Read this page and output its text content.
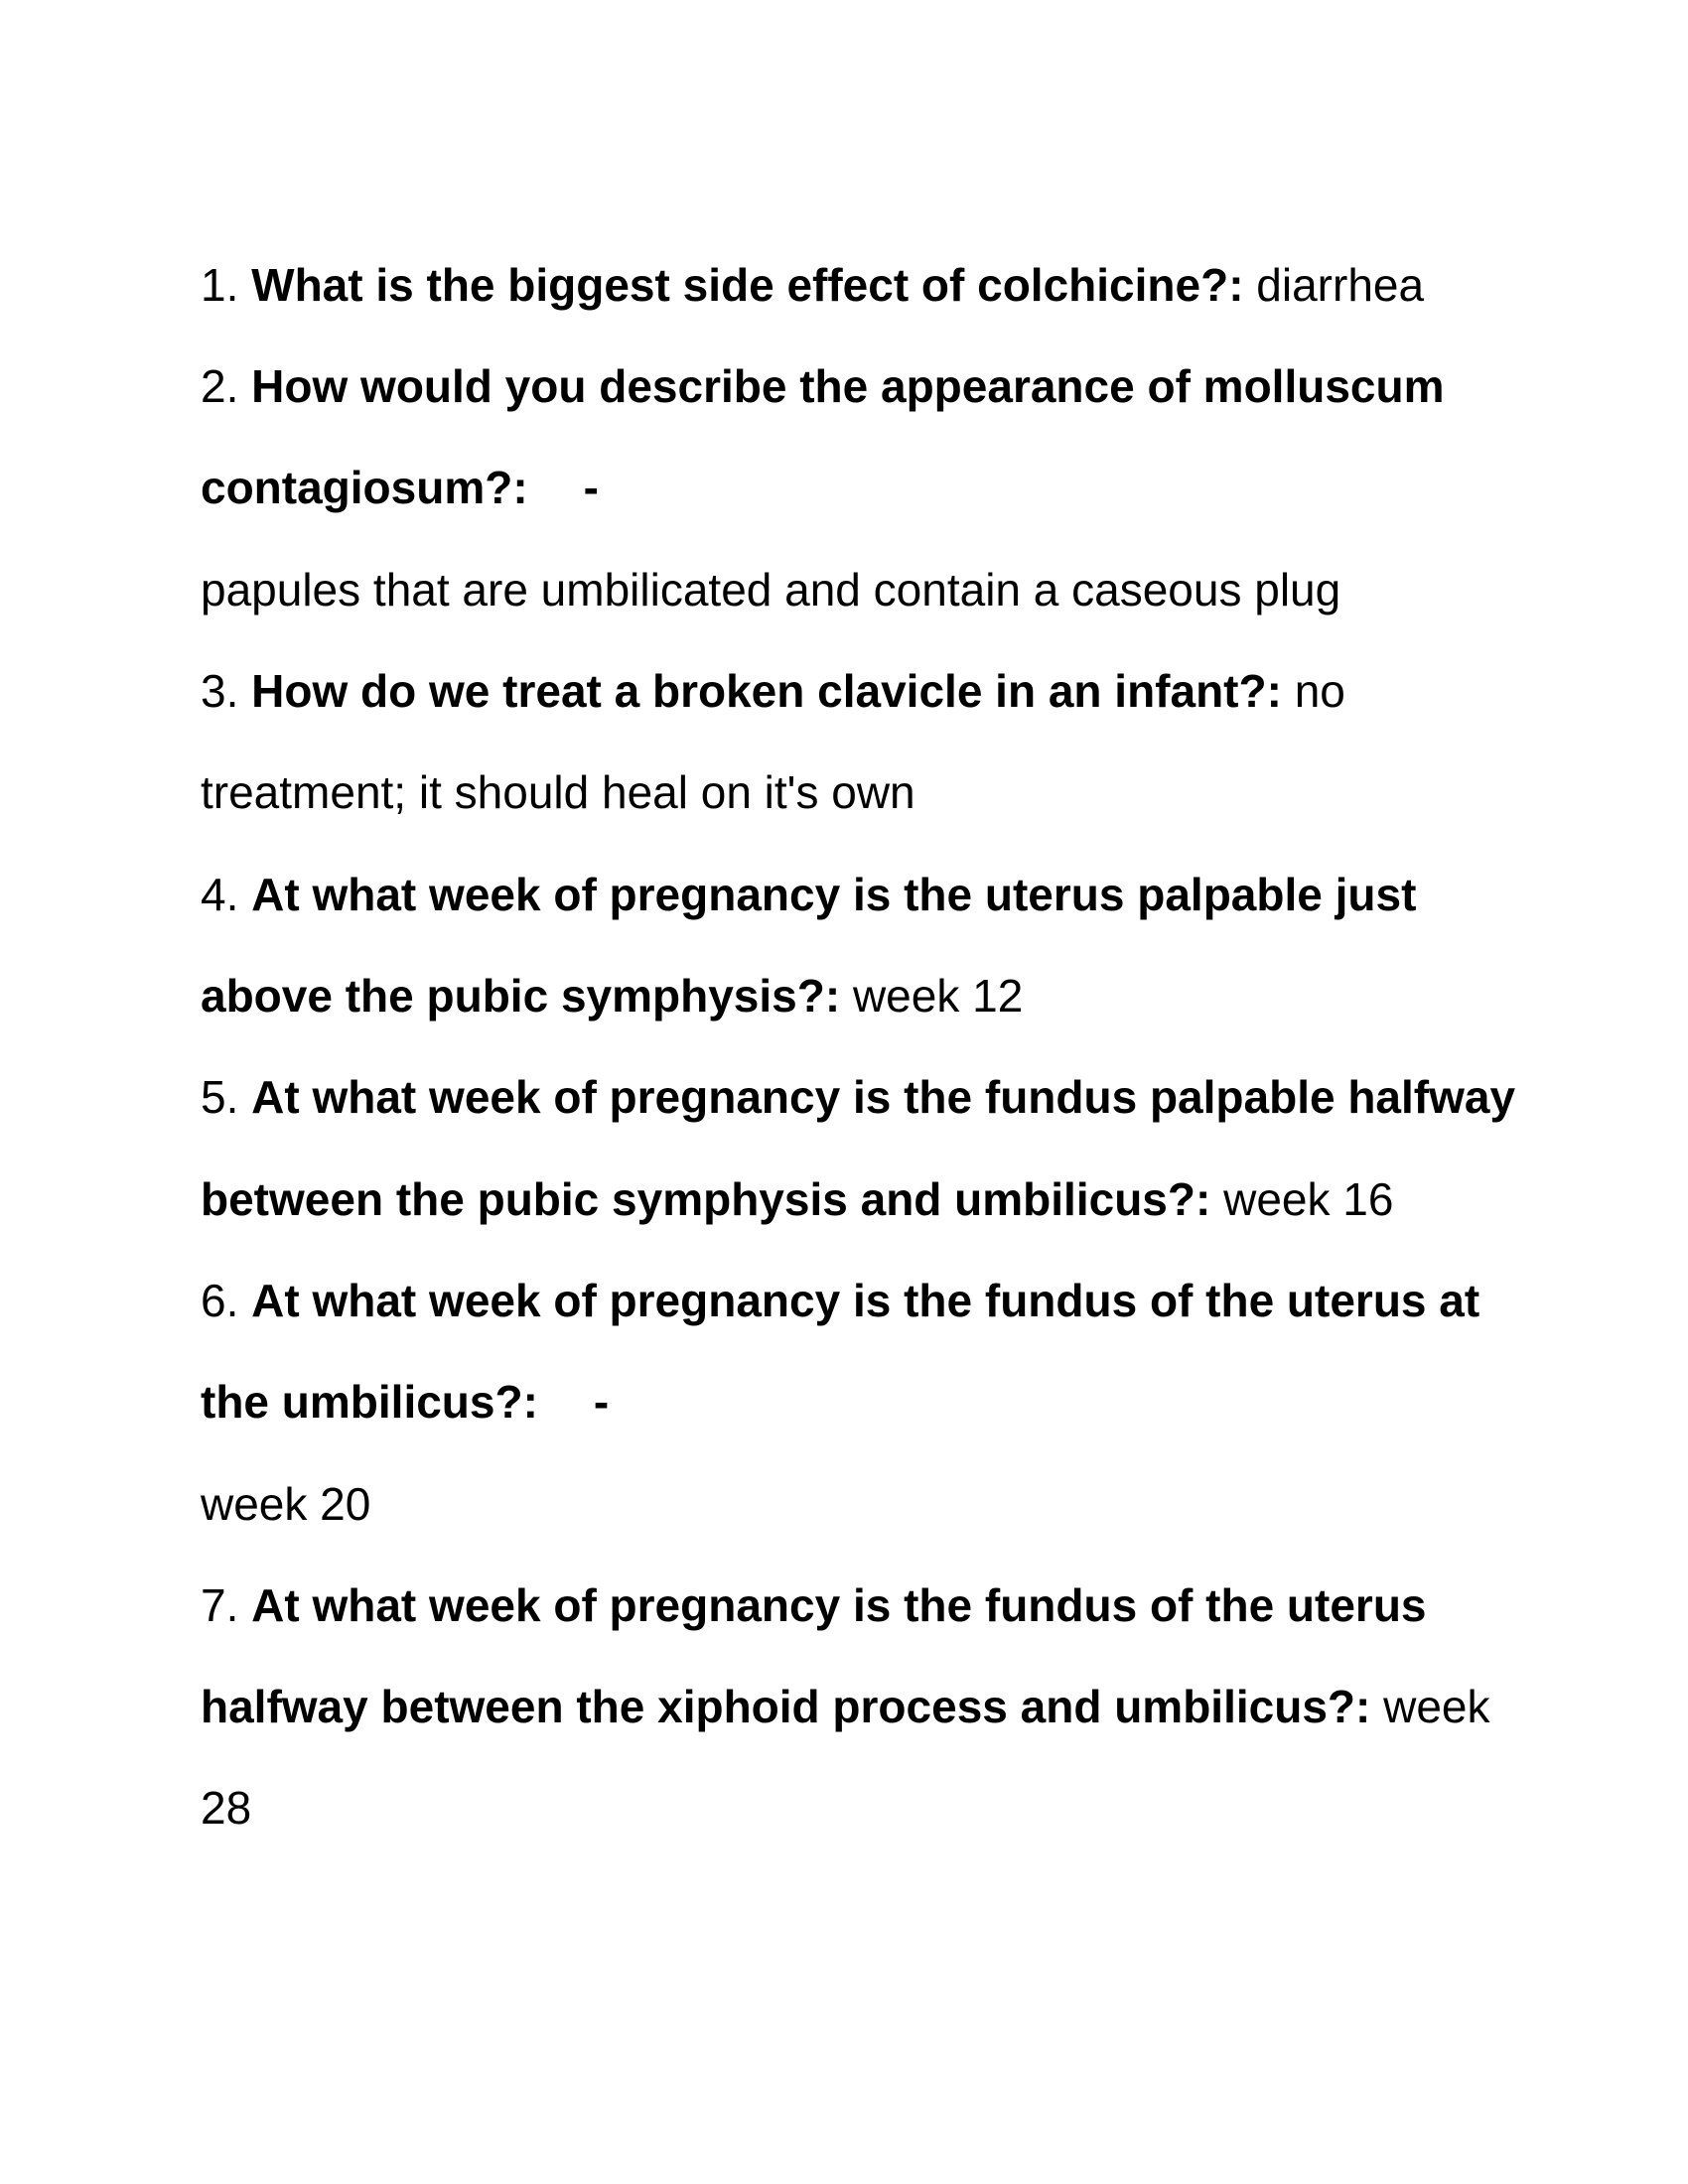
1. What is the biggest side effect of colchicine?: diarrhea
2. How would you describe the appearance of molluscum
contagiosum?: -
papules that are umbilicated and contain a caseous plug
3. How do we treat a broken clavicle in an infant?: no
treatment; it should heal on it's own
4. At what week of pregnancy is the uterus palpable just
above the pubic symphysis?: week 12
5. At what week of pregnancy is the fundus palpable halfway
between the pubic symphysis and umbilicus?: week 16
6. At what week of pregnancy is the fundus of the uterus at
the umbilicus?: -
week 20
7. At what week of pregnancy is the fundus of the uterus
halfway between the xiphoid process and umbilicus?: week
28
